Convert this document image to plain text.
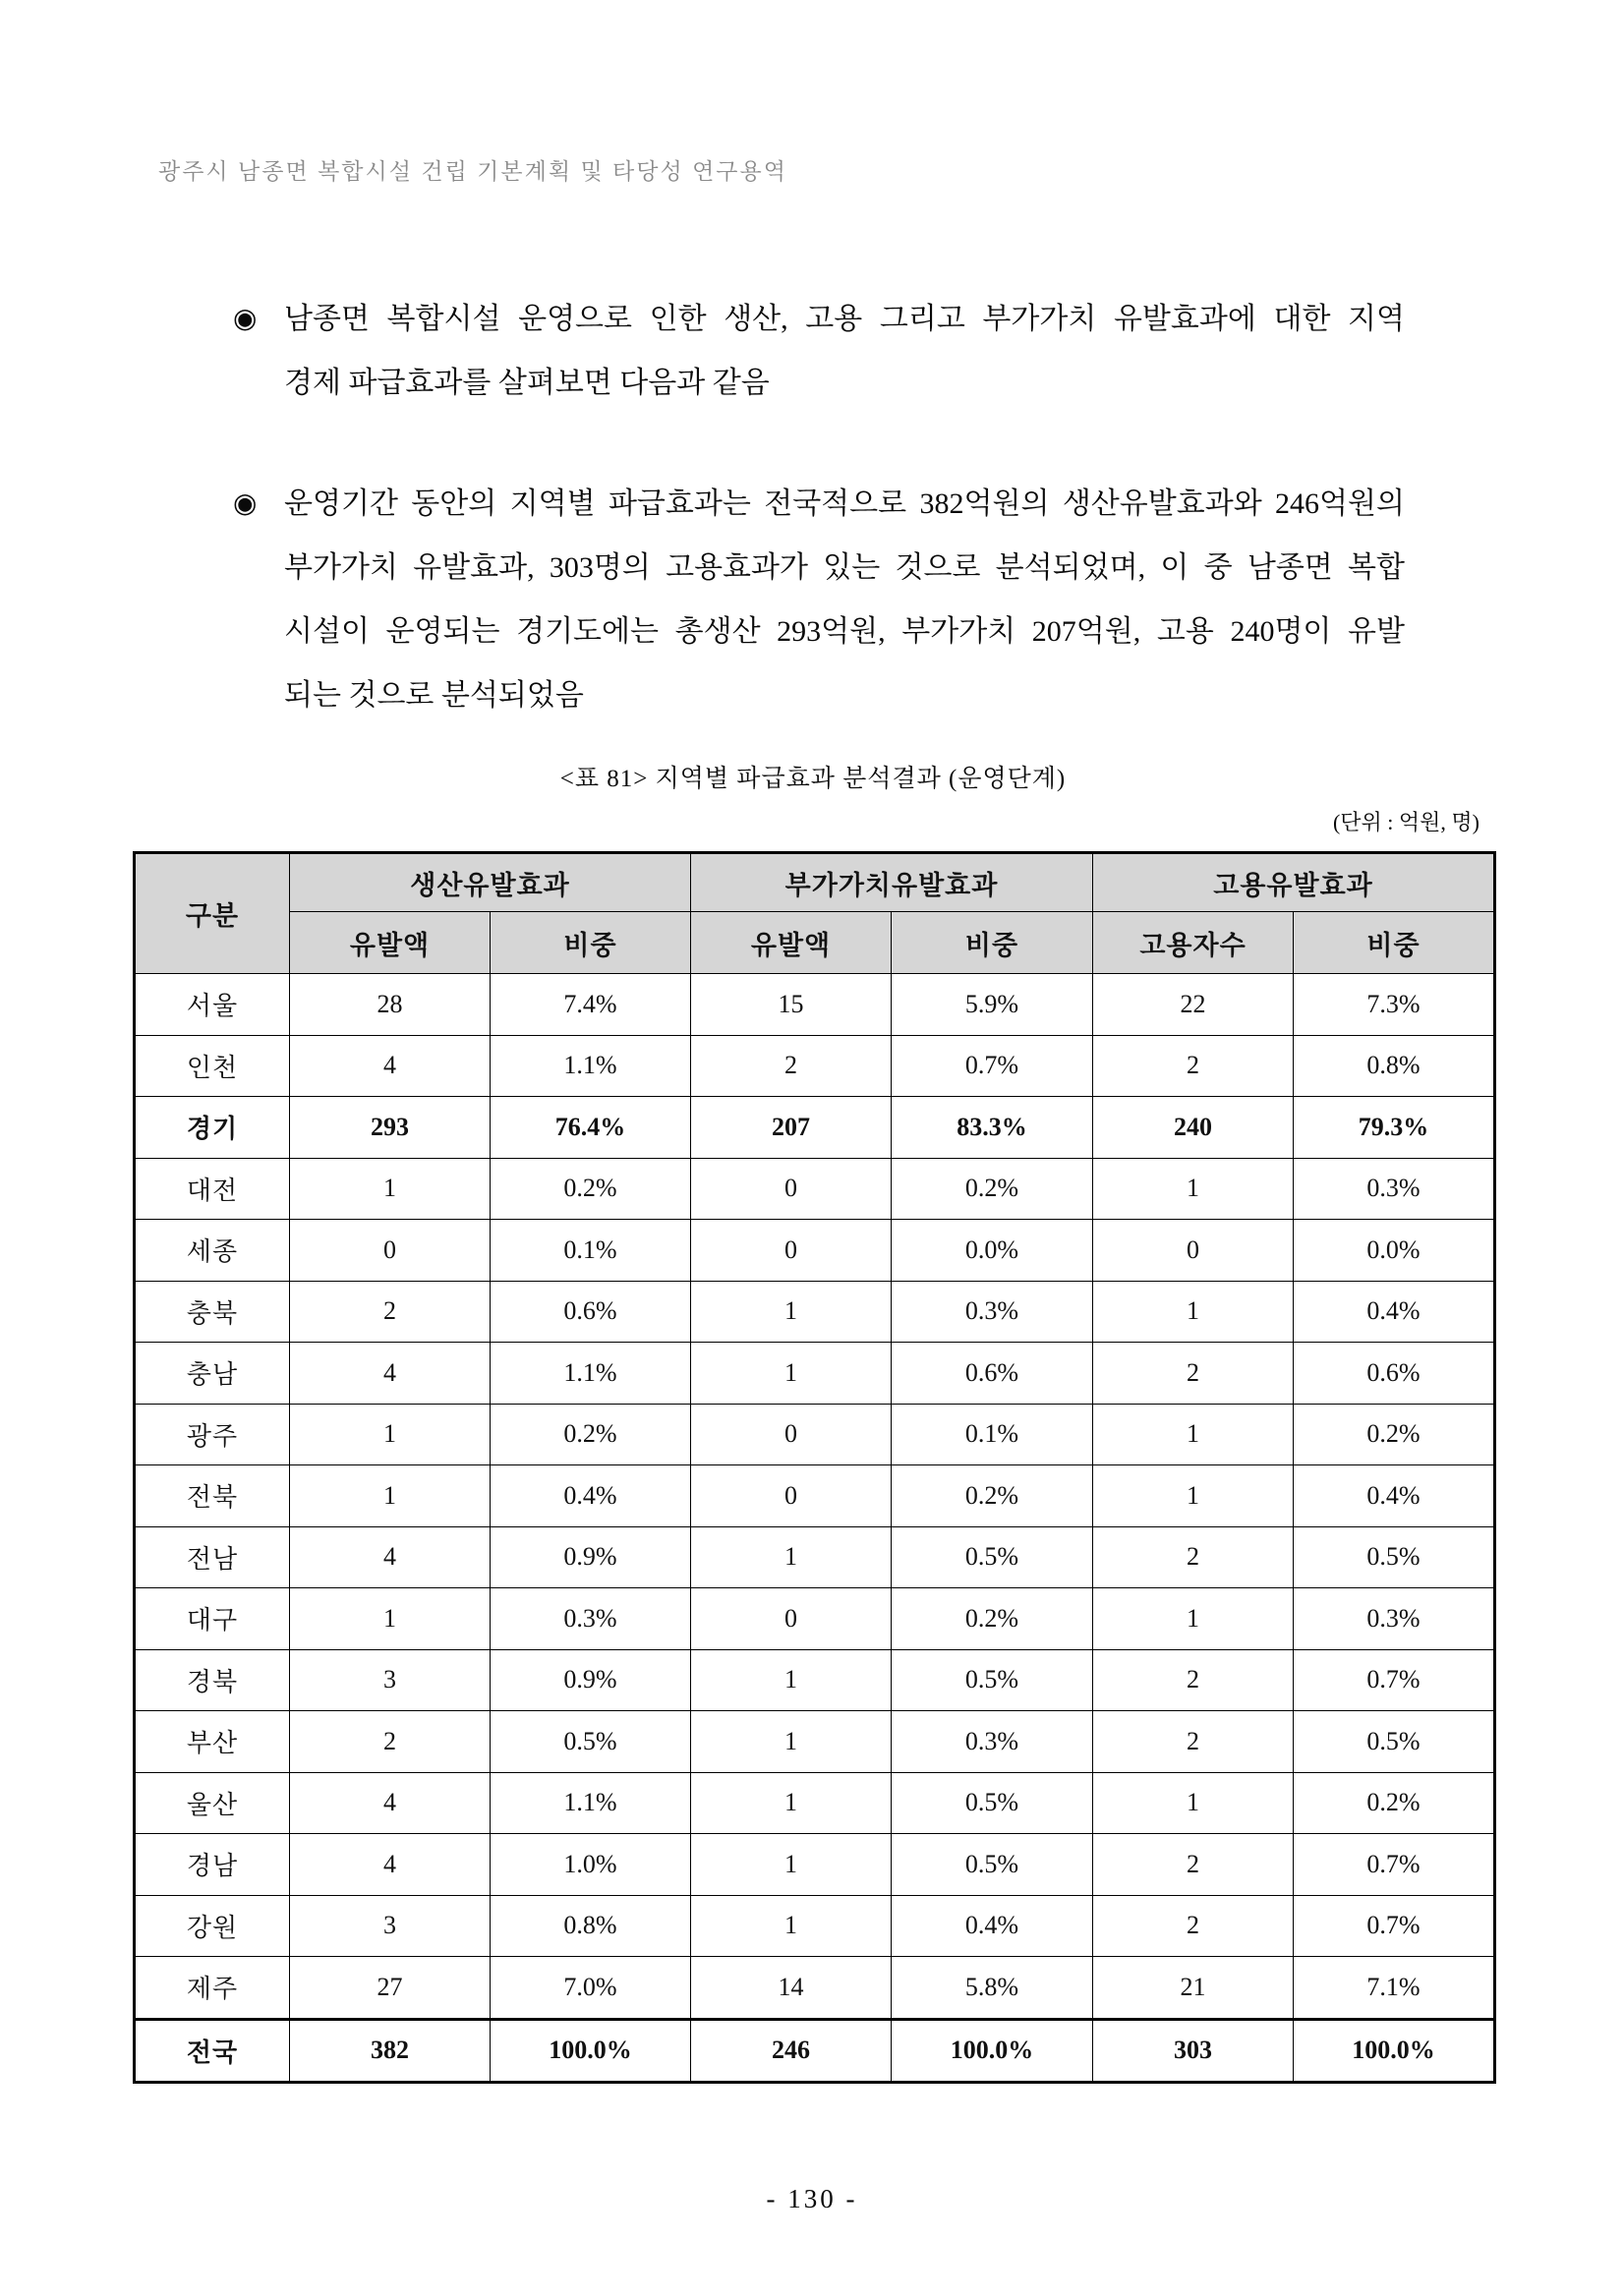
광주시 남종면 복합시설 건립 기본계획 및 타당성 연구용역
◉ 남종면 복합시설 운영으로 인한 생산, 고용 그리고 부가가치 유발효과에 대한 지역
경제 파급효과를 살펴보면 다음과 같음
◉ 운영기간 동안의 지역별 파급효과는 전국적으로 382억원의 생산유발효과와 246억원의
부가가치 유발효과, 303명의 고용효과가 있는 것으로 분석되었며, 이 중 남종면 복합
시설이 운영되는 경기도에는 총생산 293억원, 부가가치 207억원, 고용 240명이 유발
되는 것으로 분석되었음
<표 81> 지역별 파급효과 분석결과 (운영단계)
(단위 : 억원, 명)
구분	생산유발효과		부가가치유발효과		고용유발효과	
	유발액	비중	유발액	비중	고용자수	비중
서울	28	7.4%	15	5.9%	22	7.3%
인천	4	1.1%	2	0.7%	2	0.8%
경기	293	76.4%	207	83.3%	240	79.3%
대전	1	0.2%	0	0.2%	1	0.3%
세종	0	0.1%	0	0.0%	0	0.0%
충북	2	0.6%	1	0.3%	1	0.4%
충남	4	1.1%	1	0.6%	2	0.6%
광주	1	0.2%	0	0.1%	1	0.2%
전북	1	0.4%	0	0.2%	1	0.4%
전남	4	0.9%	1	0.5%	2	0.5%
대구	1	0.3%	0	0.2%	1	0.3%
경북	3	0.9%	1	0.5%	2	0.7%
부산	2	0.5%	1	0.3%	2	0.5%
울산	4	1.1%	1	0.5%	1	0.2%
경남	4	1.0%	1	0.5%	2	0.7%
강원	3	0.8%	1	0.4%	2	0.7%
제주	27	7.0%	14	5.8%	21	7.1%
전국	382	100.0%	246	100.0%	303	100.0%
- 130 -
